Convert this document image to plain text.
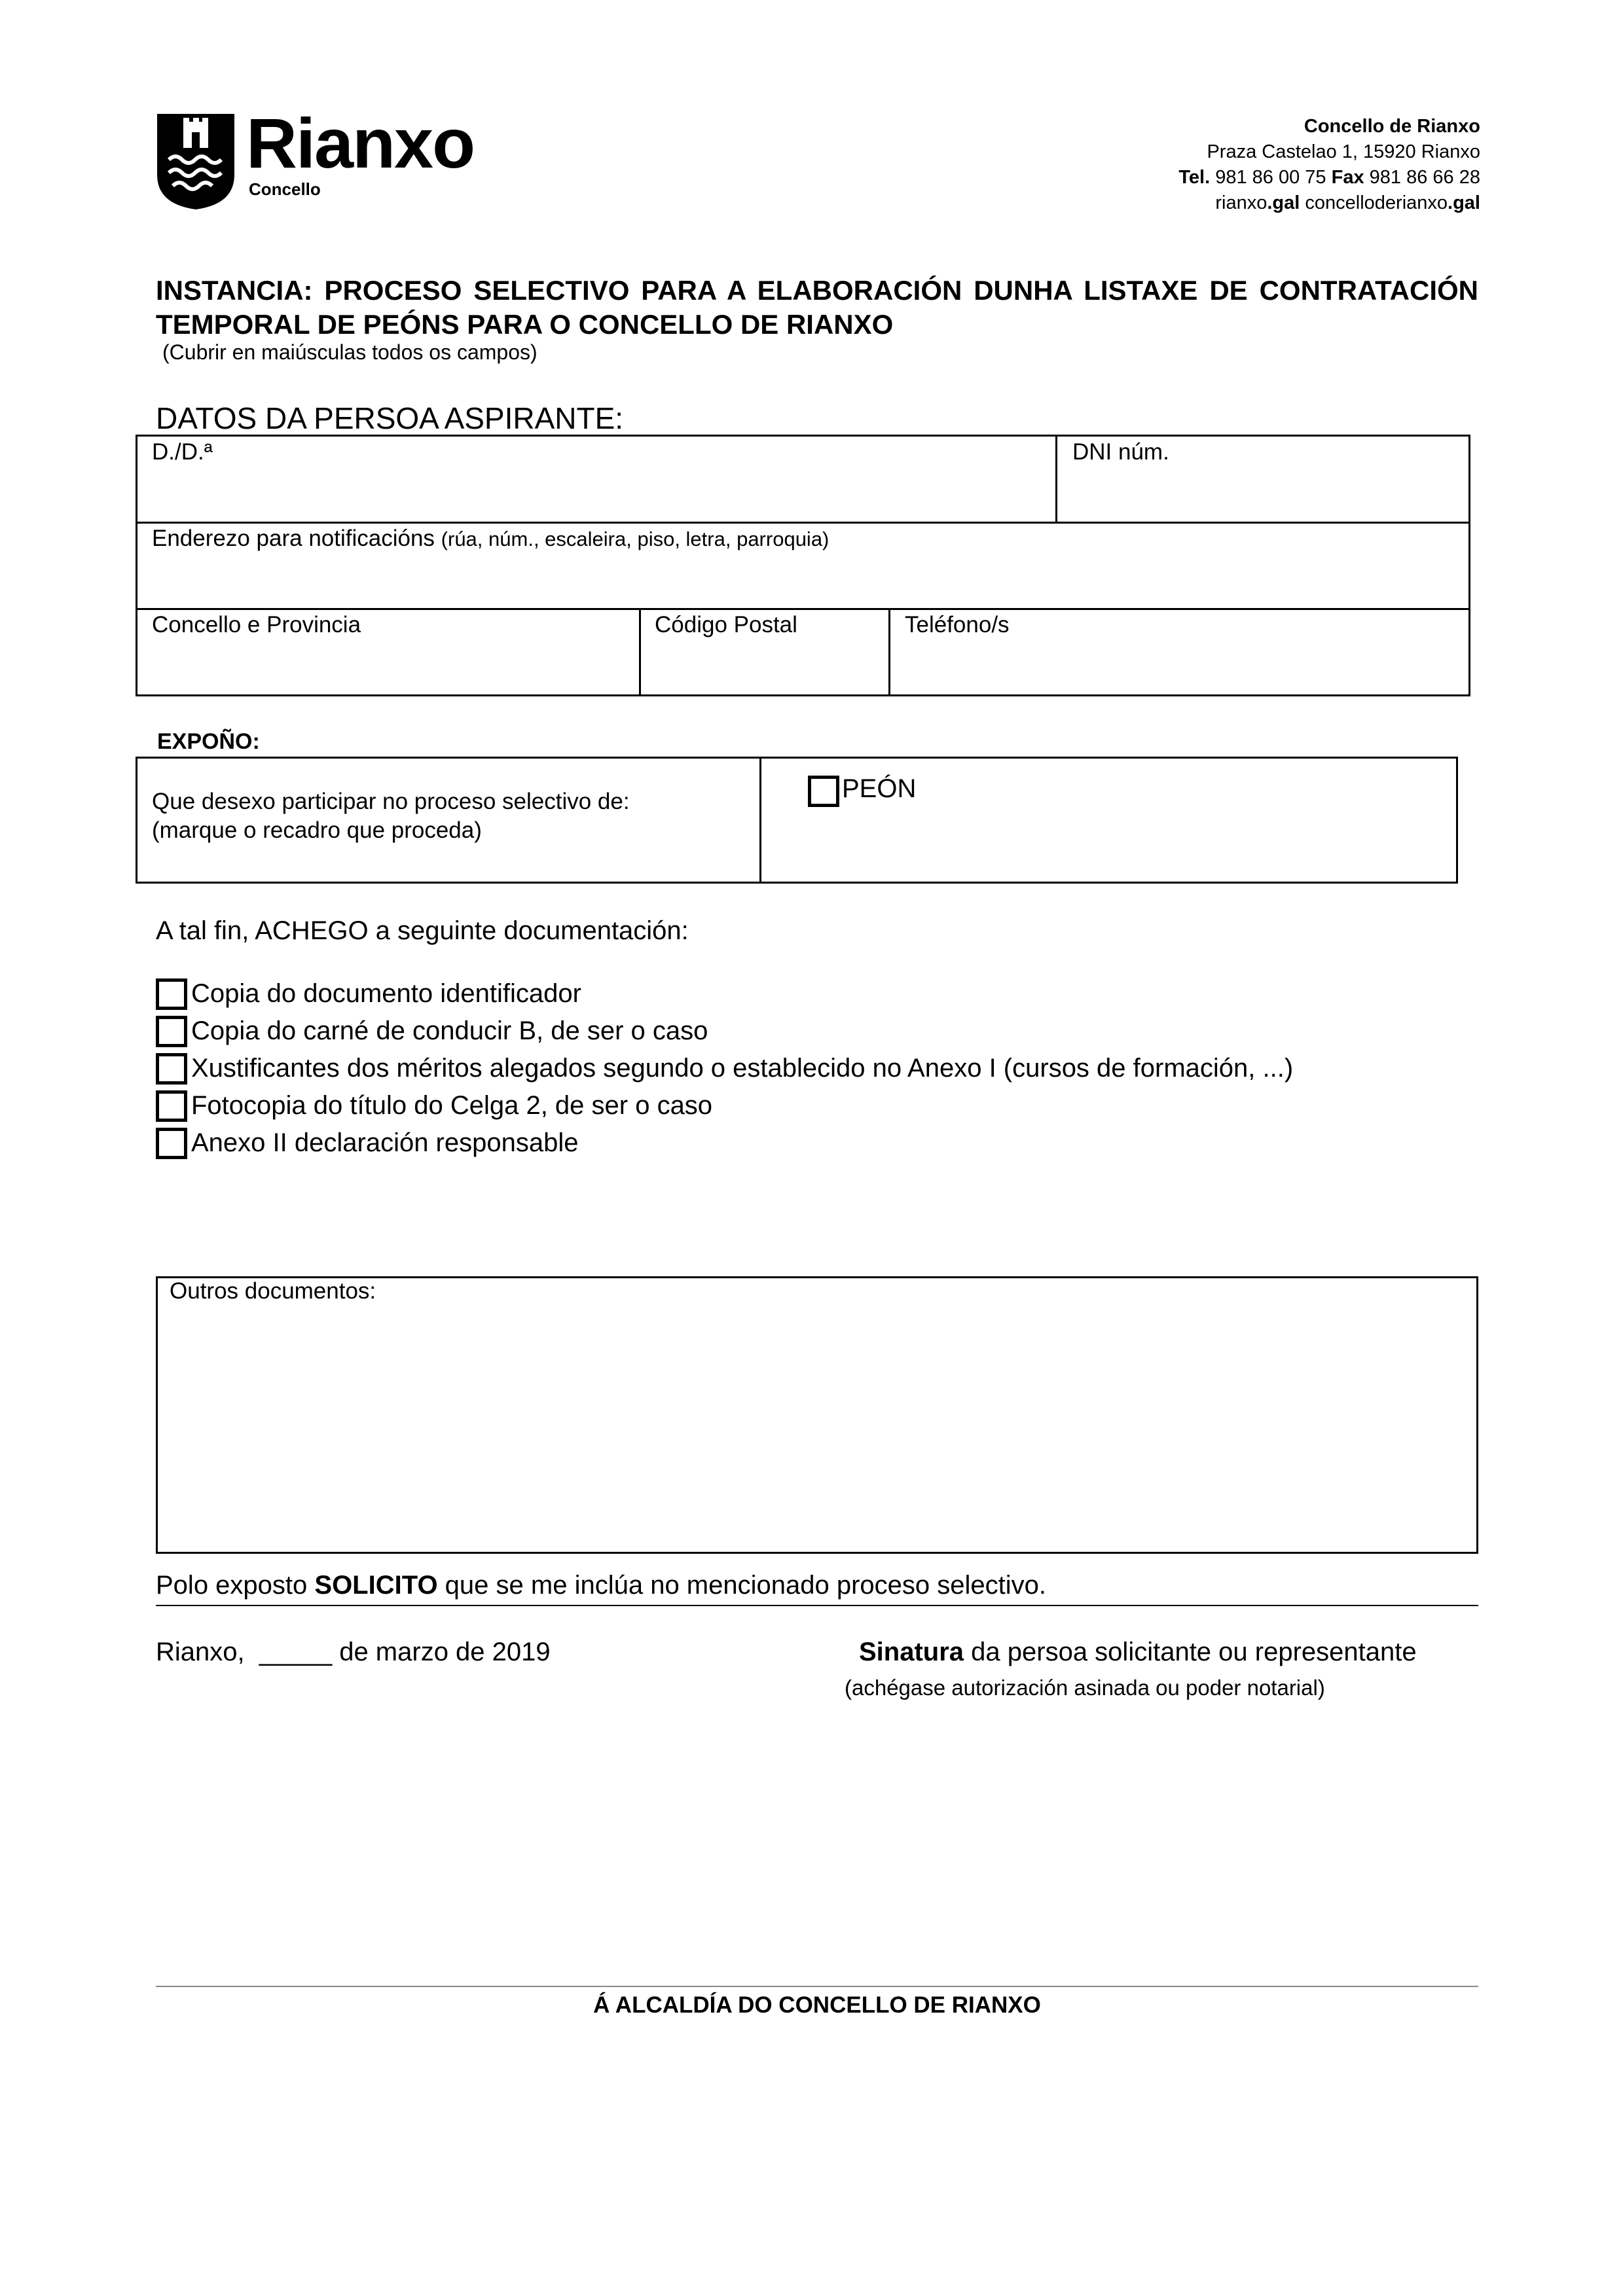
Rianxo
Concello
Concello de Rianxo
Praza Castelao 1, 15920 Rianxo
Tel. 981 86 00 75 Fax 981 86 66 28
rianxo.gal concelloderianxo.gal
INSTANCIA: PROCESO SELECTIVO PARA A ELABORACIÓN DUNHA LISTAXE DE CONTRATACIÓN TEMPORAL DE PEÓNS PARA O CONCELLO DE RIANXO
(Cubrir en maiúsculas todos os campos)
DATOS DA PERSOA ASPIRANTE:
D./D.ª	DNI núm.
Enderezo para notificacións (rúa, núm., escaleira, piso, letra, parroquia)
Concello e Provincia	Código Postal	Teléfono/s
EXPOÑO:
Que desexo participar no proceso selectivo de:
(marque o recadro que proceda)
PEÓN
A tal fin, ACHEGO a seguinte documentación:
Copia do documento identificador
Copia do carné de conducir B, de ser o caso
Xustificantes dos méritos alegados segundo o establecido no Anexo I (cursos de formación, ...)
Fotocopia do título do Celga 2, de ser o caso
Anexo II declaración responsable
Outros documentos:
Polo exposto SOLICITO que se me inclúa no mencionado proceso selectivo.
Rianxo,  _____ de marzo de 2019	Sinatura da persoa solicitante ou representante
(achégase autorización asinada ou poder notarial)
Á ALCALDÍA DO CONCELLO DE RIANXO
